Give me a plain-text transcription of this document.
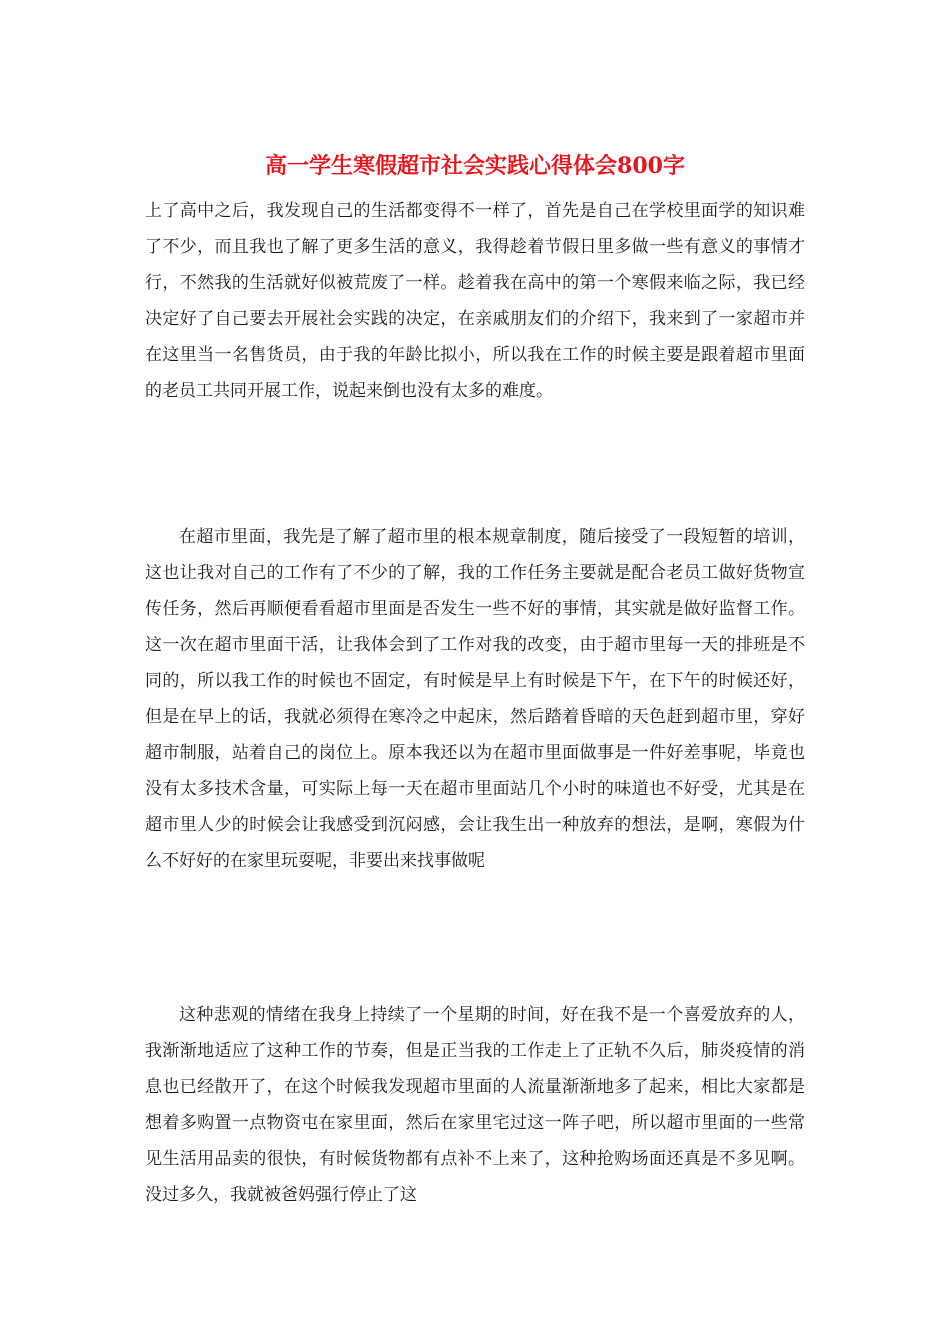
高一学生寒假超市社会实践心得体会800字

上了高中之后，我发现自己的生活都变得不一样了，首先是自己在学校里面学的知识难了不少，而且我也了解了更多生活的意义，我得趁着节假日里多做一些有意义的事情才行，不然我的生活就好似被荒废了一样。趁着我在高中的第一个寒假来临之际，我已经决定好了自己要去开展社会实践的决定，在亲戚朋友们的介绍下，我来到了一家超市并在这里当一名售货员，由于我的年龄比拟小，所以我在工作的时候主要是跟着超市里面的老员工共同开展工作，说起来倒也没有太多的难度。

在超市里面，我先是了解了超市里的根本规章制度，随后接受了一段短暂的培训，这也让我对自己的工作有了不少的了解，我的工作任务主要就是配合老员工做好货物宣传任务，然后再顺便看看超市里面是否发生一些不好的事情，其实就是做好监督工作。这一次在超市里面干活，让我体会到了工作对我的改变，由于超市里每一天的排班是不同的，所以我工作的时候也不固定，有时候是早上有时候是下午，在下午的时候还好，但是在早上的话，我就必须得在寒冷之中起床，然后踏着昏暗的天色赶到超市里，穿好超市制服，站着自己的岗位上。原本我还以为在超市里面做事是一件好差事呢，毕竟也没有太多技术含量，可实际上每一天在超市里面站几个小时的味道也不好受，尤其是在超市里人少的时候会让我感受到沉闷感，会让我生出一种放弃的想法，是啊，寒假为什么不好好的在家里玩耍呢，非要出来找事做呢

这种悲观的情绪在我身上持续了一个星期的时间，好在我不是一个喜爱放弃的人，我渐渐地适应了这种工作的节奏，但是正当我的工作走上了正轨不久后，肺炎疫情的消息也已经散开了，在这个时候我发现超市里面的人流量渐渐地多了起来，相比大家都是想着多购置一点物资屯在家里面，然后在家里宅过这一阵子吧，所以超市里面的一些常见生活用品卖的很快，有时候货物都有点补不上来了，这种抢购场面还真是不多见啊。没过多久，我就被爸妈强行停止了这
